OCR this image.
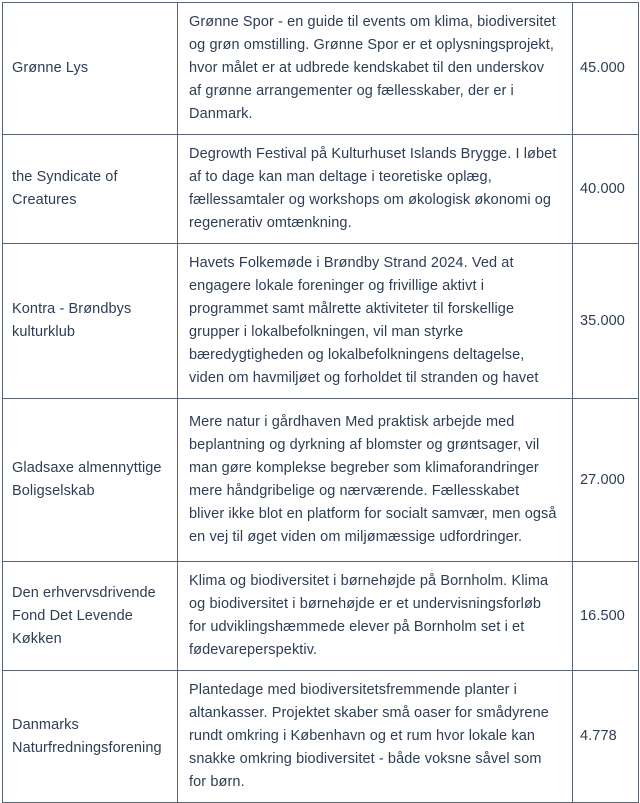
Grønne Lys	Grønne Spor - en guide til events om klima, biodiversitet og grøn omstilling. Grønne Spor er et oplysningsprojekt, hvor målet er at udbrede kendskabet til den underskov af grønne arrangementer og fællesskaber, der er i Danmark.	45.000
the Syndicate of Creatures	Degrowth Festival på Kulturhuset Islands Brygge. I løbet af to dage kan man deltage i teoretiske oplæg, fællessamtaler og workshops om økologisk økonomi og regenerativ omtænkning.	40.000
Kontra - Brøndbys kulturklub	Havets Folkemøde i Brøndby Strand 2024. Ved at engagere lokale foreninger og frivillige aktivt i programmet samt målrette aktiviteter til forskellige grupper i lokalbefolkningen, vil man styrke bæredygtigheden og lokalbefolkningens deltagelse, viden om havmiljøet og forholdet til stranden og havet	35.000
Gladsaxe almennyttige Boligselskab	Mere natur i gårdhaven Med praktisk arbejde med beplantning og dyrkning af blomster og grøntsager, vil man gøre komplekse begreber som klimaforandringer mere håndgribelige og nærværende. Fællesskabet bliver ikke blot en platform for socialt samvær, men også en vej til øget viden om miljømæssige udfordringer.	27.000
Den erhvervsdrivende Fond Det Levende Køkken	Klima og biodiversitet i børnehøjde på Bornholm. Klima og biodiversitet i børnehøjde er et undervisningsforløb for udviklingshæmmede elever på Bornholm set i et fødevareperspektiv.	16.500
Danmarks Naturfredningsforening	Plantedage med biodiversitetsfremmende planter i altankasser. Projektet skaber små oaser for smådyrene rundt omkring i København og et rum hvor lokale kan snakke omkring biodiversitet - både voksne såvel som for børn.	4.778
